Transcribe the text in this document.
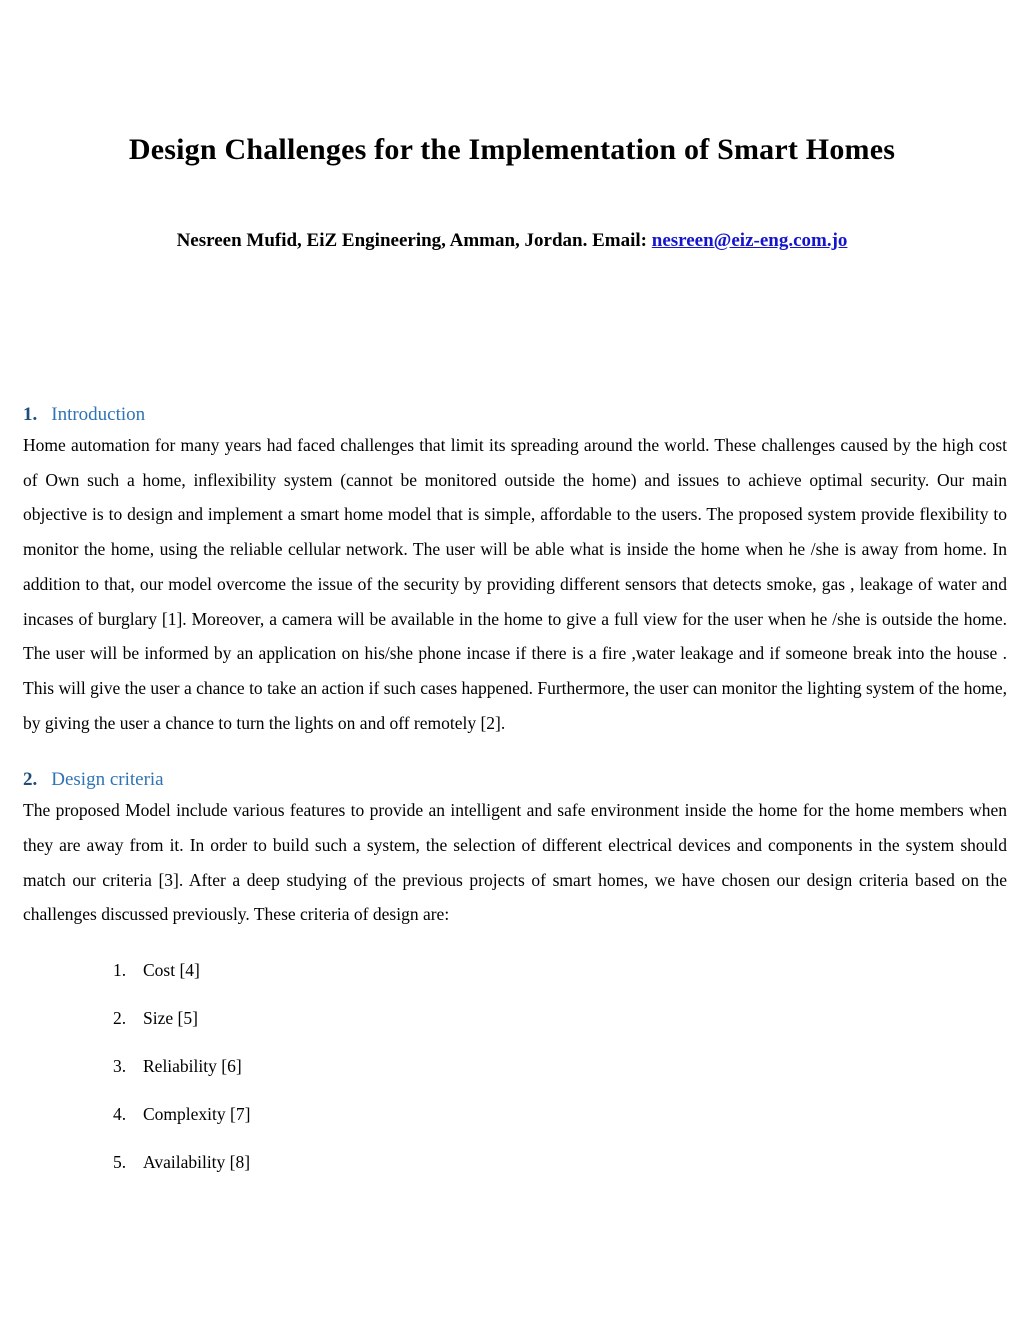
Design Challenges for the Implementation of Smart Homes
Nesreen Mufid, EiZ Engineering, Amman, Jordan. Email: nesreen@eiz-eng.com.jo
1. Introduction

Home automation for many years had faced challenges that limit its spreading around the world. These challenges caused by the high cost of Own such a home, inflexibility system (cannot be monitored outside the home) and issues to achieve optimal security. Our main objective is to design and implement a smart home model that is simple, affordable to the users. The proposed system provide flexibility to monitor the home, using the reliable cellular network. The user will be able what is inside the home when he /she is away from home. In addition to that, our model overcome the issue of the security by providing different sensors that detects smoke, gas , leakage of water and incases of burglary [1]. Moreover, a camera will be available in the home to give a full view for the user when he /she is outside the home. The user will be informed by an application on his/she phone incase if there is a fire ,water leakage and if someone break into the house . This will give the user a chance to take an action if such cases happened. Furthermore, the user can monitor the lighting system of the home, by giving the user a chance to turn the lights on and off remotely [2].

2. Design criteria

The proposed Model include various features to provide an intelligent and safe environment inside the home for the home members when they are away from it. In order to build such a system, the selection of different electrical devices and components in the system should match our criteria [3]. After a deep studying of the previous projects of smart homes, we have chosen our design criteria based on the challenges discussed previously. These criteria of design are:

1. Cost [4]
2. Size [5]
3. Reliability [6]
4. Complexity [7]
5. Availability [8]
